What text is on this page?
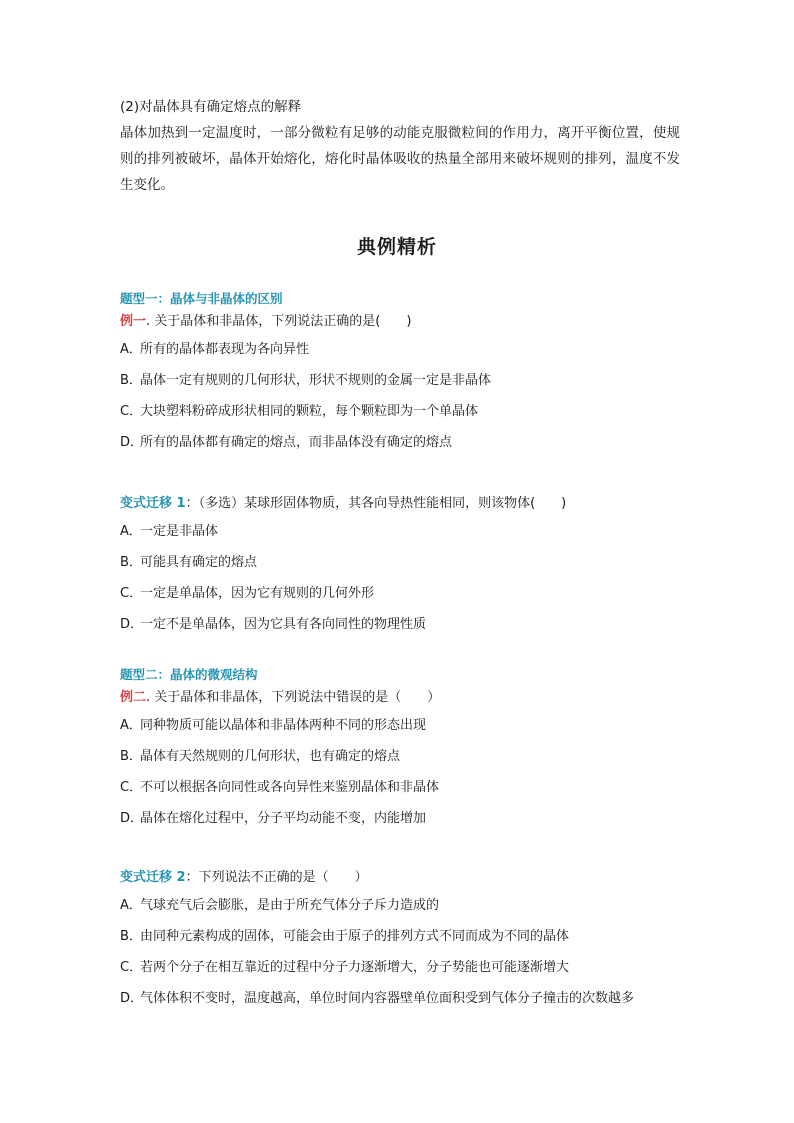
(2)对晶体具有确定熔点的解释
晶体加热到一定温度时，一部分微粒有足够的动能克服微粒间的作用力，离开平衡位置，使规则的排列被破坏，晶体开始熔化，熔化时晶体吸收的热量全部用来破坏规则的排列，温度不发生变化。
典例精析
题型一：晶体与非晶体的区别
例一. 关于晶体和非晶体，下列说法正确的是(　　)
A．所有的晶体都表现为各向异性
B．晶体一定有规则的几何形状，形状不规则的金属一定是非晶体
C．大块塑料粉碎成形状相同的颗粒，每个颗粒即为一个单晶体
D．所有的晶体都有确定的熔点，而非晶体没有确定的熔点
变式迁移 1：（多选）某球形固体物质，其各向导热性能相同，则该物体(　　)
A．一定是非晶体
B．可能具有确定的熔点
C．一定是单晶体，因为它有规则的几何外形
D．一定不是单晶体，因为它具有各向同性的物理性质
题型二：晶体的微观结构
例二. 关于晶体和非晶体，下列说法中错误的是（　　）
A．同种物质可能以晶体和非晶体两种不同的形态出现
B．晶体有天然规则的几何形状，也有确定的熔点
C．不可以根据各向同性或各向异性来鉴别晶体和非晶体
D．晶体在熔化过程中，分子平均动能不变，内能增加
变式迁移 2：下列说法不正确的是（　　）
A．气球充气后会膨胀，是由于所充气体分子斥力造成的
B．由同种元素构成的固体，可能会由于原子的排列方式不同而成为不同的晶体
C．若两个分子在相互靠近的过程中分子力逐渐增大，分子势能也可能逐渐增大
D．气体体积不变时，温度越高，单位时间内容器壁单位面积受到气体分子撞击的次数越多
